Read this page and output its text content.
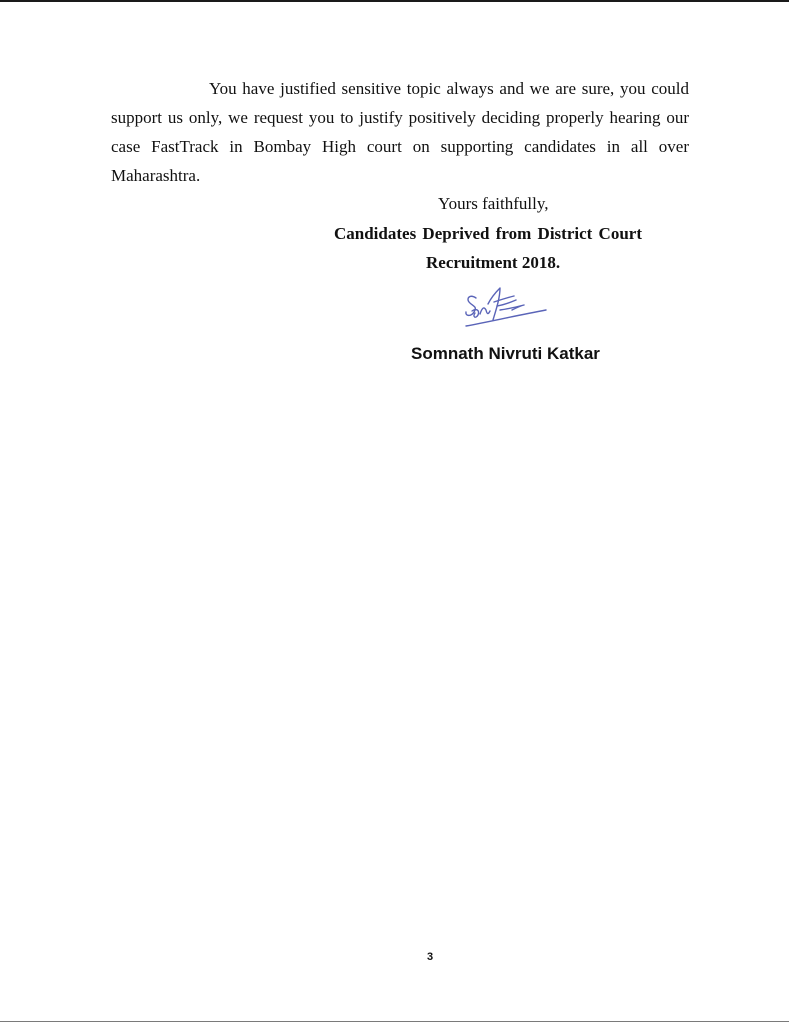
You have justified sensitive topic always and we are sure, you could support us only, we request you to justify positively deciding properly hearing our case FastTrack in Bombay High court on supporting candidates in all over Maharashtra.

Yours faithfully,
Candidates Deprived from District Court
Recruitment 2018.
Somnath Nivruti Katkar
3
